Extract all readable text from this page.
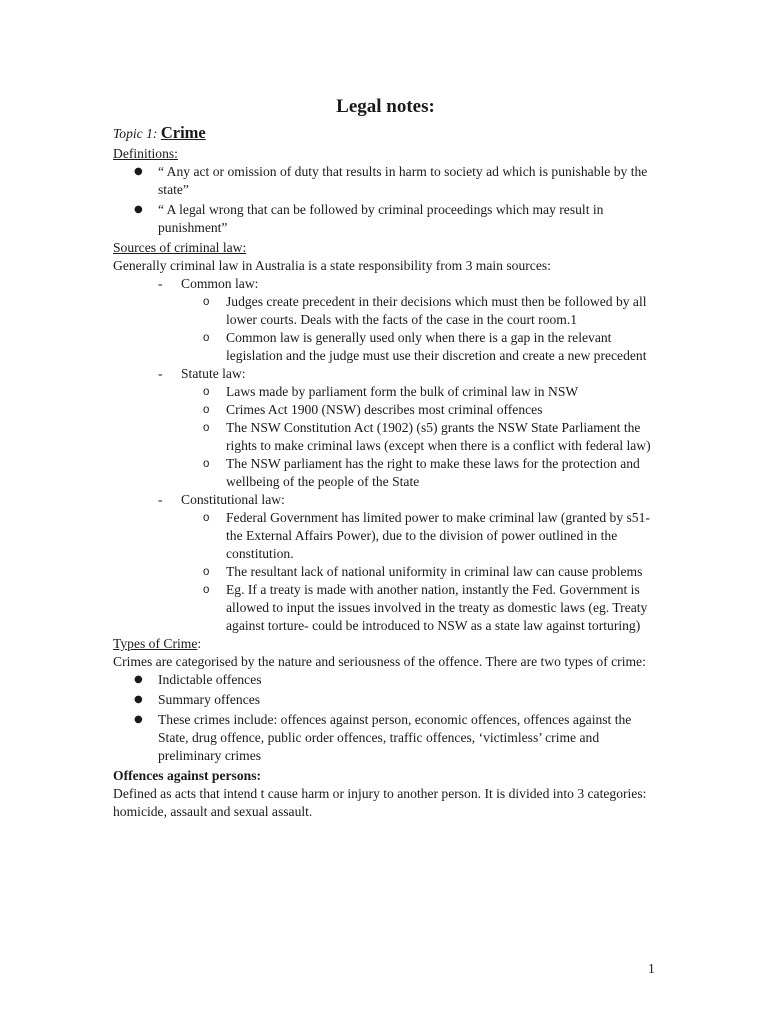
Legal notes:

Topic 1: Crime

Definitions:

● “ Any act or omission of duty that results in harm to society ad which is punishable by the state”
● “ A legal wrong that can be followed by criminal proceedings which may result in punishment”

Sources of criminal law:

Generally criminal law in Australia is a state responsibility from 3 main sources:

- Common law:
o Judges create precedent in their decisions which must then be followed by all lower courts. Deals with the facts of the case in the court room.1
o Common law is generally used only when there is a gap in the relevant legislation and the judge must use their discretion and create a new precedent
- Statute law:
o Laws made by parliament form the bulk of criminal law in NSW
o Crimes Act 1900 (NSW) describes most criminal offences
o The NSW Constitution Act (1902) (s5) grants the NSW State Parliament the rights to make criminal laws (except when there is a conflict with federal law)
o The NSW parliament has the right to make these laws for the protection and wellbeing of the people of the State
- Constitutional law:
o Federal Government has limited power to make criminal law (granted by s51- the External Affairs Power), due to the division of power outlined in the constitution.
o The resultant lack of national uniformity in criminal law can cause problems
o Eg. If a treaty is made with another nation, instantly the Fed. Government is allowed to input the issues involved in the treaty as domestic laws (eg. Treaty against torture- could be introduced to NSW as a state law against torturing)

Types of Crime:

Crimes are categorised by the nature and seriousness of the offence. There are two types of crime:

● Indictable offences
● Summary offences
● These crimes include: offences against person, economic offences, offences against the State, drug offence, public order offences, traffic offences, ‘victimless’ crime and preliminary crimes

Offences against persons:

Defined as acts that intend t cause harm or injury to another person. It is divided into 3 categories: homicide, assault and sexual assault.

1
